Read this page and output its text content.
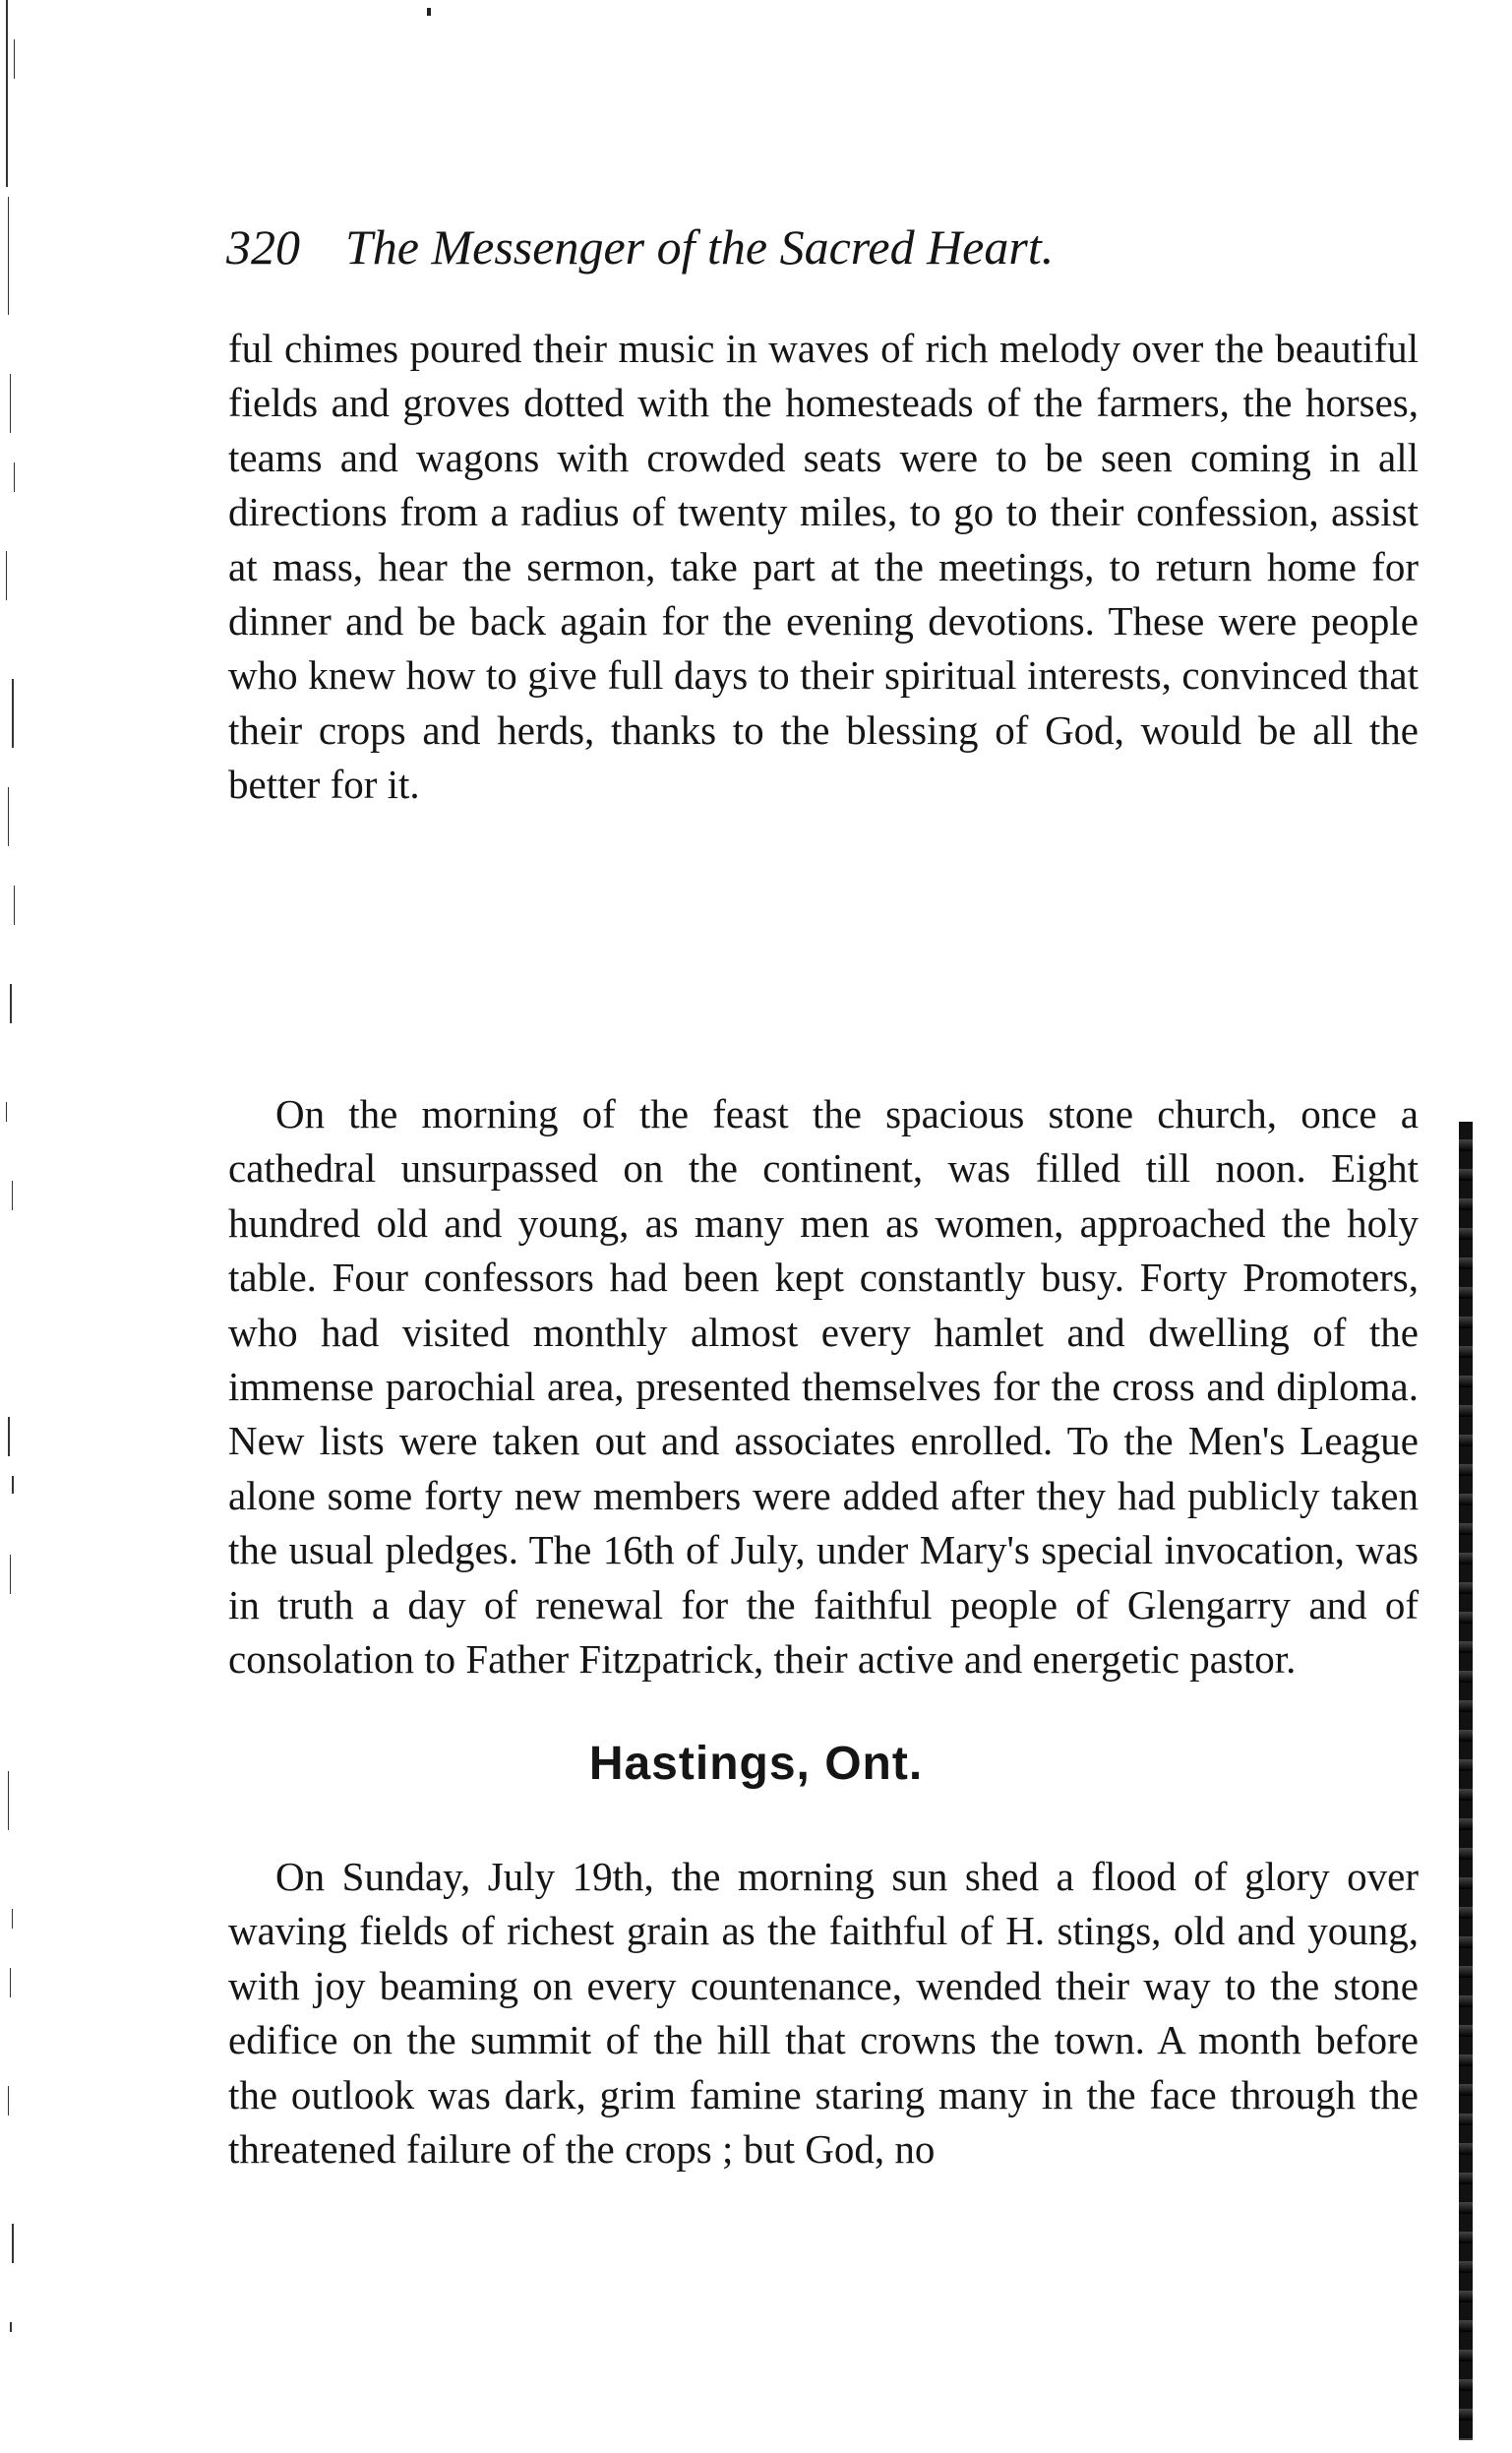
320 The Messenger of the Sacred Heart.

ful chimes poured their music in waves of rich melody over the beautiful fields and groves dotted with the homesteads of the farmers, the horses, teams and wagons with crowded seats were to be seen coming in all directions from a radius of twenty miles, to go to their confession, assist at mass, hear the sermon, take part at the meetings, to return home for dinner and be back again for the evening devotions. These were people who knew how to give full days to their spiritual interests, convinced that their crops and herds, thanks to the blessing of God, would be all the better for it.

On the morning of the feast the spacious stone church, once a cathedral unsurpassed on the continent, was filled till noon. Eight hundred old and young, as many men as women, approached the holy table. Four confessors had been kept constantly busy. Forty Promoters, who had visited monthly almost every hamlet and dwelling of the immense parochial area, presented themselves for the cross and diploma. New lists were taken out and associates enrolled. To the Men's League alone some forty new members were added after they had publicly taken the usual pledges. The 16th of July, under Mary's special invocation, was in truth a day of renewal for the faithful people of Glengarry and of consolation to Father Fitzpatrick, their active and energetic pastor.

Hastings, Ont.

On Sunday, July 19th, the morning sun shed a flood of glory over waving fields of richest grain as the faithful of H. stings, old and young, with joy beaming on every countenance, wended their way to the stone edifice on the summit of the hill that crowns the town. A month before the outlook was dark, grim famine staring many in the face through the threatened failure of the crops ; but God, no
